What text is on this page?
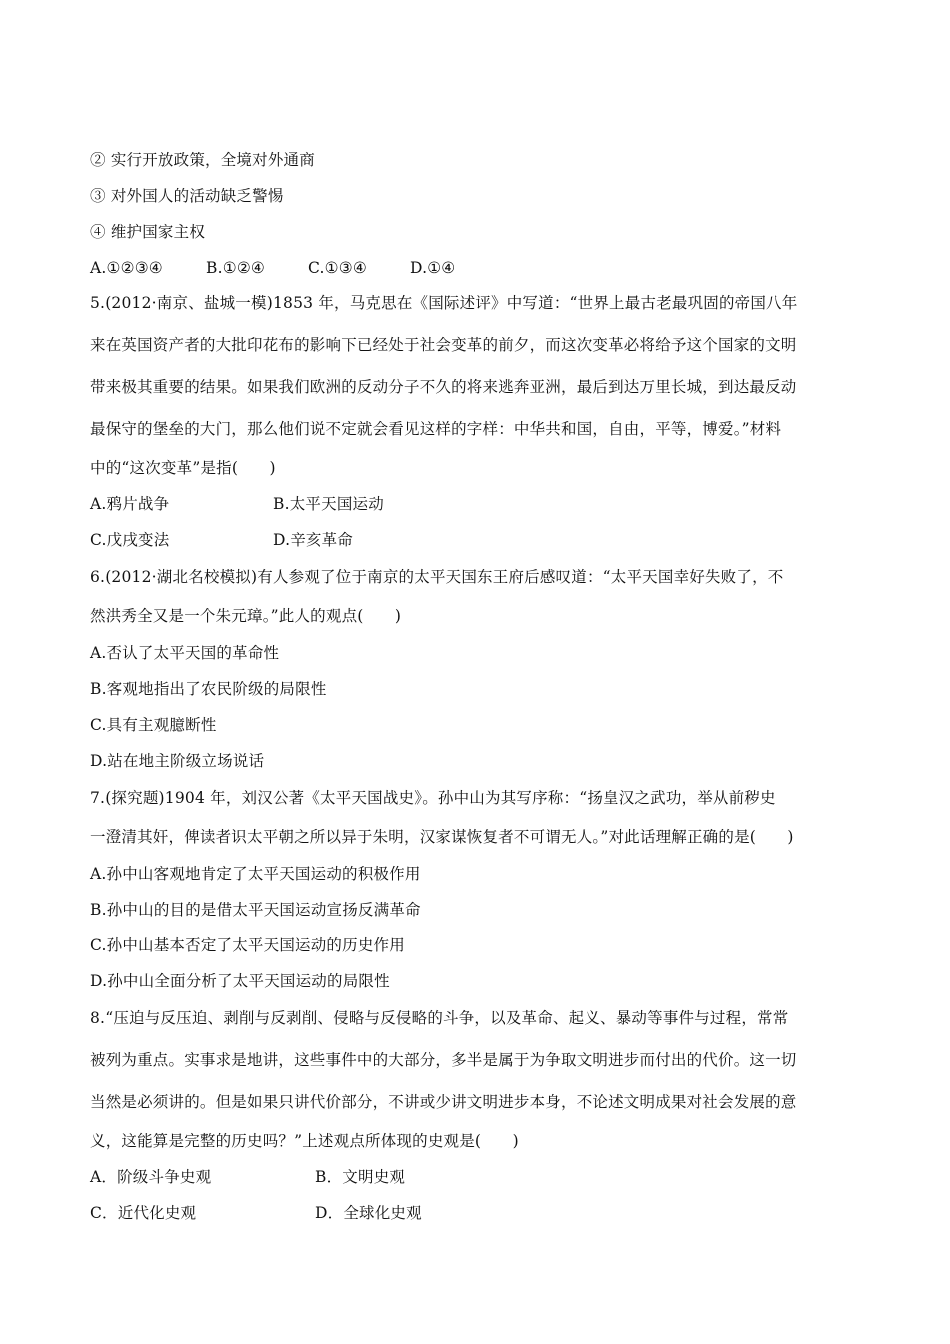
② 实行开放政策，全境对外通商
③ 对外国人的活动缺乏警惕
④ 维护国家主权
A.①②③④	B.①②④	C.①③④	D.①④
5.(2012·南京、盐城一模)1853 年，马克思在《国际述评》中写道：“世界上最古老最巩固的帝国八年
来在英国资产者的大批印花布的影响下已经处于社会变革的前夕，而这次变革必将给予这个国家的文明
带来极其重要的结果。如果我们欧洲的反动分子不久的将来逃奔亚洲，最后到达万里长城，到达最反动
最保守的堡垒的大门，那么他们说不定就会看见这样的字样：中华共和国，自由，平等，博爱。”材料
中的“这次变革”是指(　　)
A.鸦片战争	B.太平天国运动
C.戊戌变法	D.辛亥革命
6.(2012·湖北名校模拟)有人参观了位于南京的太平天国东王府后感叹道：“太平天国幸好失败了，不
然洪秀全又是一个朱元璋。”此人的观点(　　)
A.否认了太平天国的革命性
B.客观地指出了农民阶级的局限性
C.具有主观臆断性
D.站在地主阶级立场说话
7.(探究题)1904 年，刘汉公著《太平天国战史》。孙中山为其写序称：“扬皇汉之武功，举从前秽史
一澄清其奸，俾读者识太平朝之所以异于朱明，汉家谋恢复者不可谓无人。”对此话理解正确的是(　　)
A.孙中山客观地肯定了太平天国运动的积极作用
B.孙中山的目的是借太平天国运动宣扬反满革命
C.孙中山基本否定了太平天国运动的历史作用
D.孙中山全面分析了太平天国运动的局限性
8.“压迫与反压迫、剥削与反剥削、侵略与反侵略的斗争，以及革命、起义、暴动等事件与过程，常常
被列为重点。实事求是地讲，这些事件中的大部分，多半是属于为争取文明进步而付出的代价。这一切
当然是必须讲的。但是如果只讲代价部分，不讲或少讲文明进步本身，不论述文明成果对社会发展的意
义，这能算是完整的历史吗？”上述观点所体现的史观是(　　)
A．阶级斗争史观	B．文明史观
C．近代化史观	D．全球化史观
